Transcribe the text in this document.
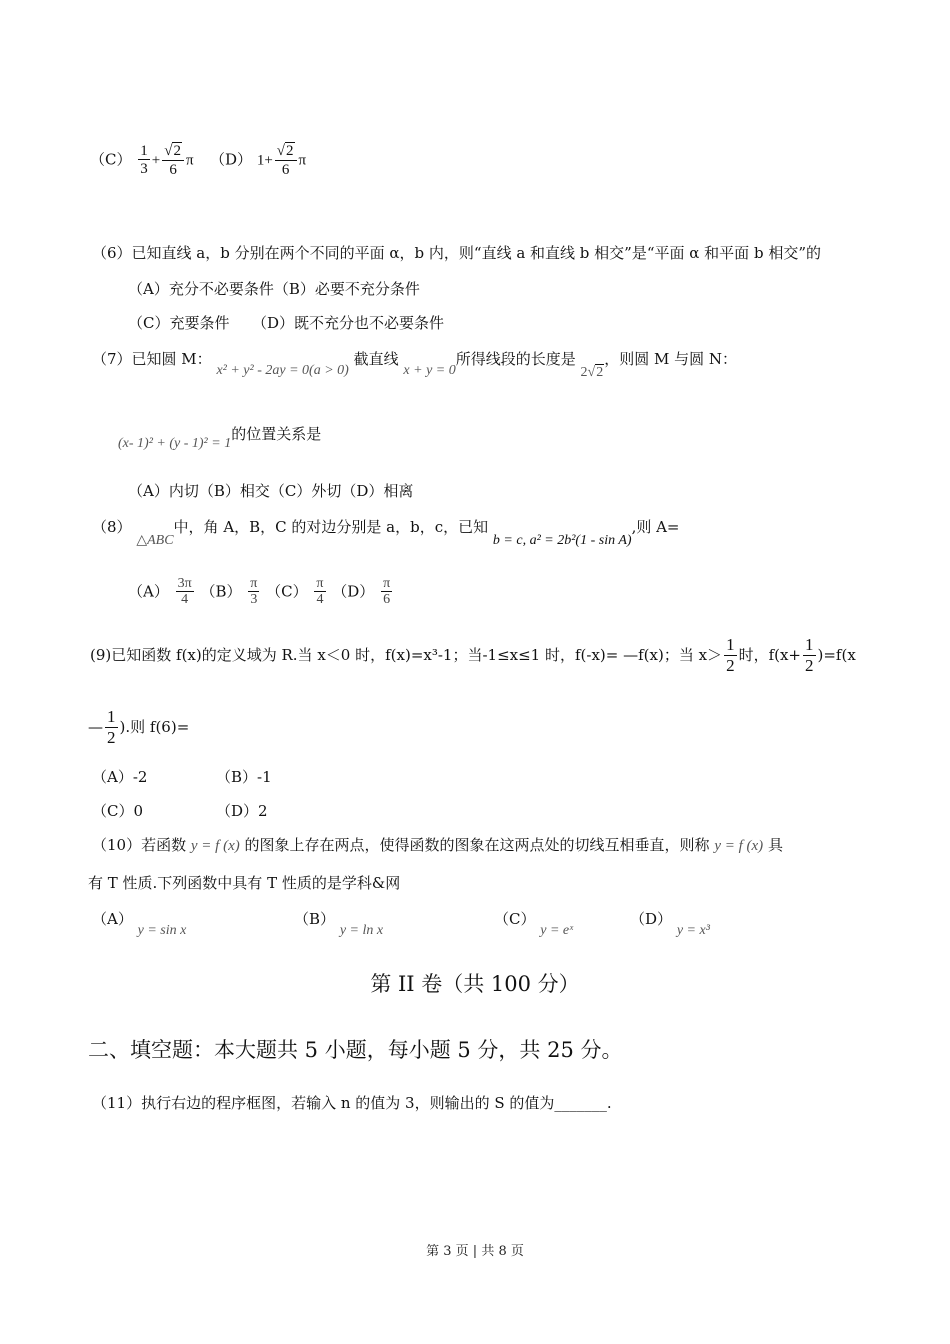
$(C) \frac{1}{3} + \frac{√ 2}{6}$ π （D） $1+ \frac{√ 2}{6}$ π
（6）已知直线 a，b 分别在两个不同的平面 α，b 内，则“直线 a 和直线 b 相交”是“平面 α 和平面 b 相交”的
（A）充分不必要条件（B）必要不充分条件
（C）充要条件　　（D）既不充分也不必要条件
（7）已知圆 M： x² + y² - 2ay = 0(a > 0) 截直线 x + y = 0所得线段的长度是 2√ 2
，则圆 M 与圆 N：
(x- 1)² + (y - 1)² = 1的位置关系是
（A）内切（B）相交（C）外切（D）相离
（8） △ABC中，角 A，B，C 的对边分别是 a，b，c，已知 b = c, a² = 2b²(1 - sin A),则 A=
$(A) \frac{3\pi}{4} (B) \frac{\pi}{3} (C) \frac{\pi}{4} (D) \frac{\pi}{6}$
(9)已知函数 f(x)的定义域为 R.当 x＜0 时，f(x)=x³-1；当-1≤x≤1 时，f(-x)= —f(x)；当 $x> \frac{1}{2}$ 时，$f(x+ \frac{1}{2} )=f(x$
— $\frac{1}{2}$ ).则 f(6)=
（A）-2	（B）-1
（C）0	（D）2
（10）若函数 y = f (x) 的图象上存在两点，使得函数的图象在这两点处的切线互相垂直，则称 y = f (x) 具
有 T 性质.下列函数中具有 T 性质的是学科&网
（A） y = sin x
（B） y = ln x
（C） y = eˣ
（D） y = x³
第 II 卷（共 100 分）
二、填空题：本大题共 5 小题，每小题 5 分，共 25 分。
（11）执行右边的程序框图，若输入 n 的值为 3，则输出的 S 的值为_______.
第 3 页 | 共 8 页
